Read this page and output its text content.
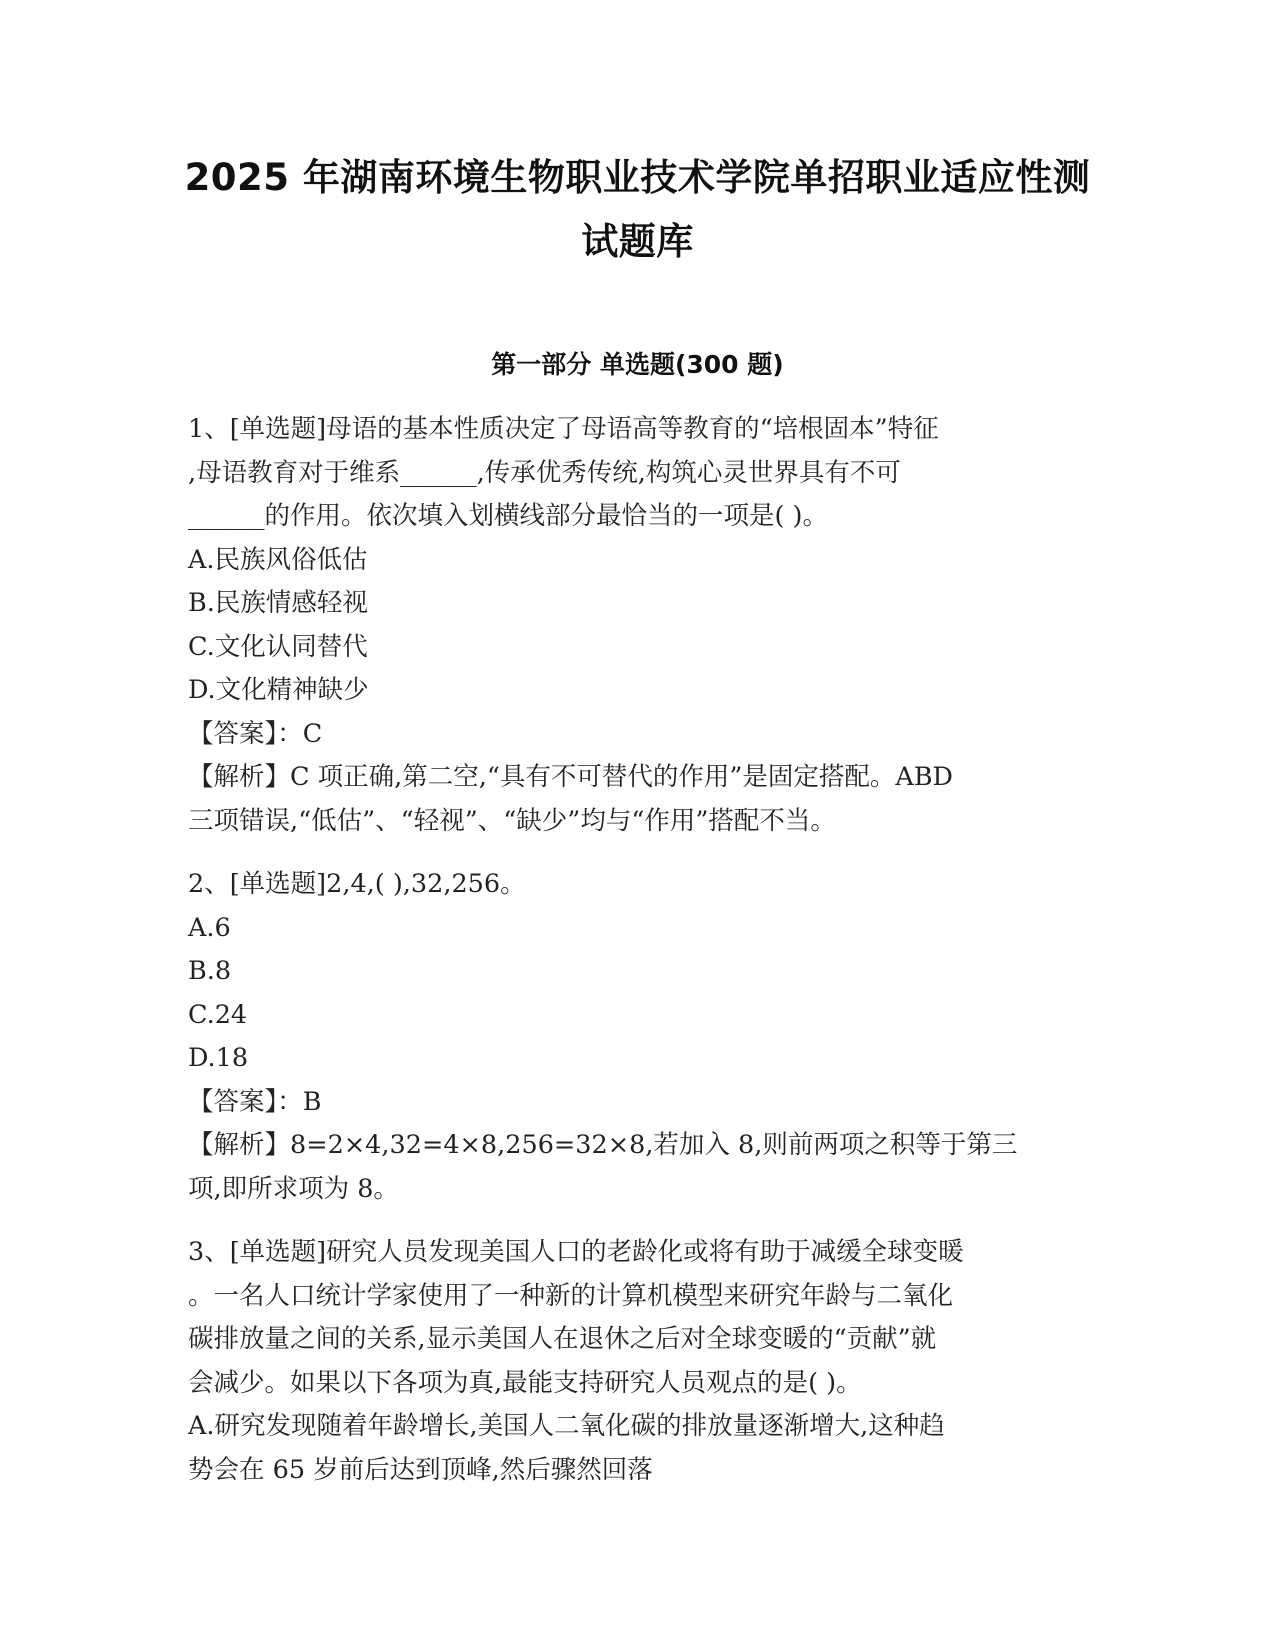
2025 年湖南环境生物职业技术学院单招职业适应性测
试题库
第一部分 单选题(300 题)
1、[单选题]母语的基本性质决定了母语高等教育的“培根固本”特征
,母语教育对于维系______,传承优秀传统,构筑心灵世界具有不可
______的作用。依次填入划横线部分最恰当的一项是( )。
A.民族风俗低估
B.民族情感轻视
C.文化认同替代
D.文化精神缺少
【答案】：C
【解析】C 项正确,第二空,“具有不可替代的作用”是固定搭配。ABD
三项错误,“低估”、“轻视”、“缺少”均与“作用”搭配不当。
2、[单选题]2,4,( ),32,256。
A.6
B.8
C.24
D.18
【答案】：B
【解析】8=2×4,32=4×8,256=32×8,若加入 8,则前两项之积等于第三
项,即所求项为 8。
3、[单选题]研究人员发现美国人口的老龄化或将有助于减缓全球变暖
。一名人口统计学家使用了一种新的计算机模型来研究年龄与二氧化
碳排放量之间的关系,显示美国人在退休之后对全球变暖的“贡献”就
会减少。如果以下各项为真,最能支持研究人员观点的是( )。
A.研究发现随着年龄增长,美国人二氧化碳的排放量逐渐增大,这种趋
势会在 65 岁前后达到顶峰,然后骤然回落
